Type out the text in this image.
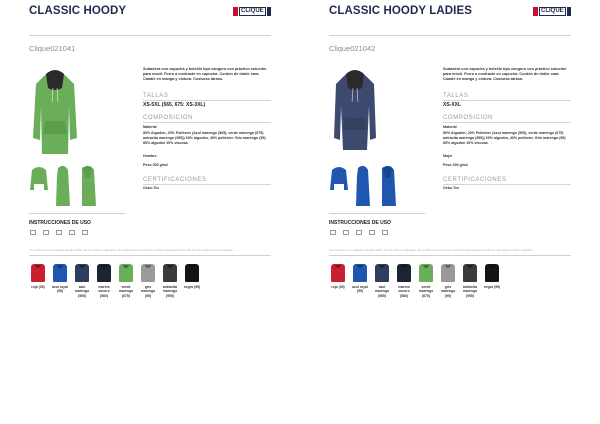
CLASSIC HOODY	CLIQUE
Clique021041
Sudadera con capucha y bolsillo tipo canguro con práctico solución para móvil. Forro a contraste en capucha. Cordón de doble cara. Canalé en manga y cintura. Costuras atraso.
TALLAS
XS-5XL (565, 675: XS-3XL)
COMPOSICION
Material
80% Algodón, 20% Poliéster (Azul marengo (565), verde marengo (675) antracita marengo (955)) 60% algodón, 40% poliéster. Gris marengo (95) 85% algodón 15% viscosa.
Hombre
Peso 300 g/m2
CERTIFICACIONES
Oeko-Tex
INSTRUCCIONES DE USO
Los colores en el catálogo pueden diferir de los colores originales. Es posible que los colores cambien ligeramente de lote en lote según el tinte realizado.
rojo (35)	azul royal (55)
azul marengo (565)
marino oscuro (580)
verde marengo (675)
gris marengo (95)
antracita marengo (955)
negro (99)
CLASSIC HOODY LADIES	CLIQUE
Clique021042
Sudadera con capucha y bolsillo tipo canguro con práctico solución para móvil. Forro a contraste en capucha. Cordón de doble cara. Canalé en manga y cintura. Costuras atraso.
TALLAS
XS-XXL
COMPOSICION
Material
80% Algodón, 20% Poliéster (Azul marengo (565), verde marengo (675) antracita marengo (955)) 60% algodón, 40% poliéster. Gris marengo (95) 85% algodón 15% viscosa.
Mujer
Peso 300 g/m2
CERTIFICACIONES
Oeko-Tex
INSTRUCCIONES DE USO
Los colores en el catálogo pueden diferir de los colores originales. Es posible que los colores cambien ligeramente de lote en lote según el tinte realizado.
rojo (35)	azul royal (55)
azul marengo (565)
marino oscuro (580)
verde marengo (675)
gris marengo (95)
antracita marengo (955)
negro (99)
